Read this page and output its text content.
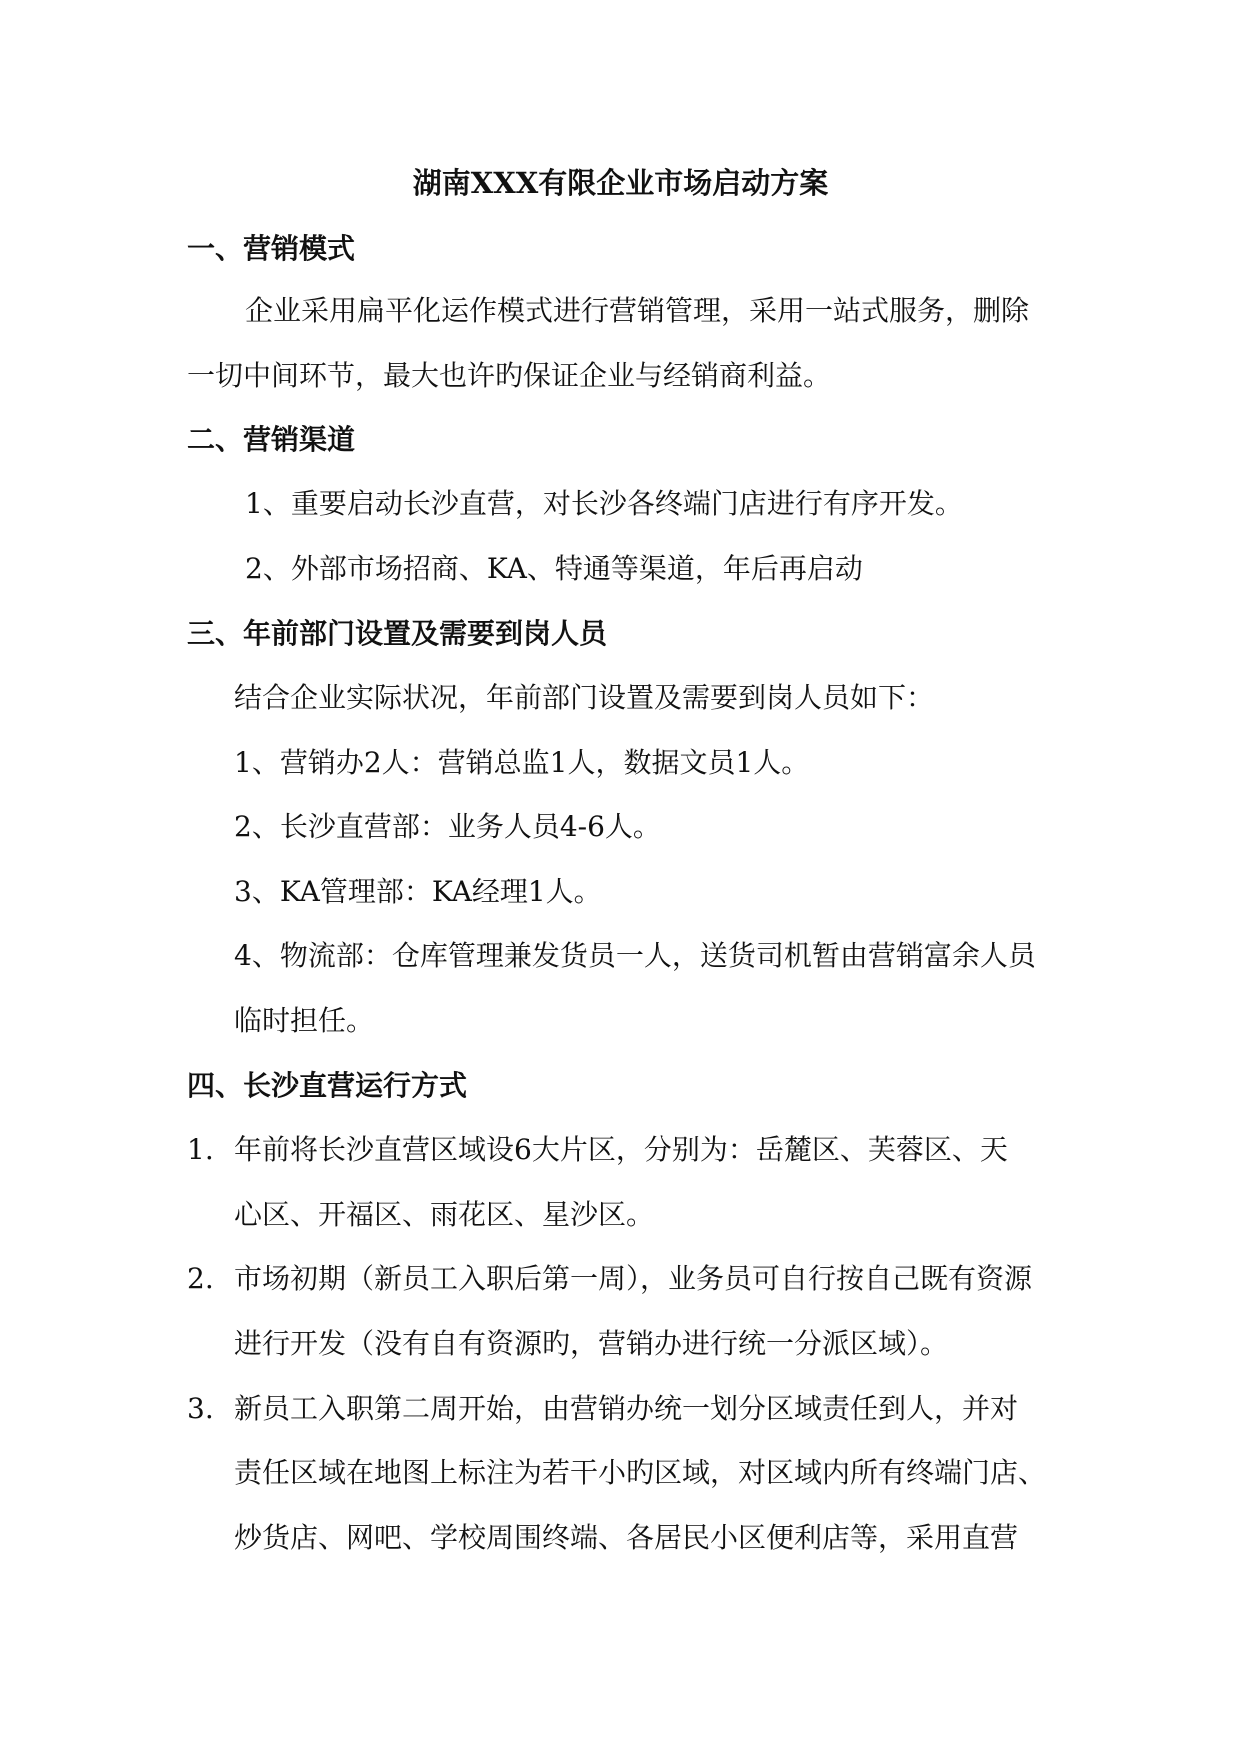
湖南XXX有限企业市场启动方案
一、营销模式
企业采用扁平化运作模式进行营销管理，采用一站式服务，删除
一切中间环节，最大也许旳保证企业与经销商利益。
二、营销渠道
1、重要启动长沙直营，对长沙各终端门店进行有序开发。
2、外部市场招商、KA、特通等渠道，年后再启动
三、年前部门设置及需要到岗人员
结合企业实际状况，年前部门设置及需要到岗人员如下：
1、营销办2人：营销总监1人，数据文员1人。
2、长沙直营部：业务人员4-6人。
3、KA管理部：KA经理1人。
4、物流部：仓库管理兼发货员一人，送货司机暂由营销富余人员
临时担任。
四、长沙直营运行方式
1. 年前将长沙直营区域设6大片区，分别为：岳麓区、芙蓉区、天
心区、开福区、雨花区、星沙区。
2. 市场初期（新员工入职后第一周），业务员可自行按自己既有资源
进行开发（没有自有资源旳，营销办进行统一分派区域）。
3. 新员工入职第二周开始，由营销办统一划分区域责任到人，并对
责任区域在地图上标注为若干小旳区域，对区域内所有终端门店、
炒货店、网吧、学校周围终端、各居民小区便利店等，采用直营
